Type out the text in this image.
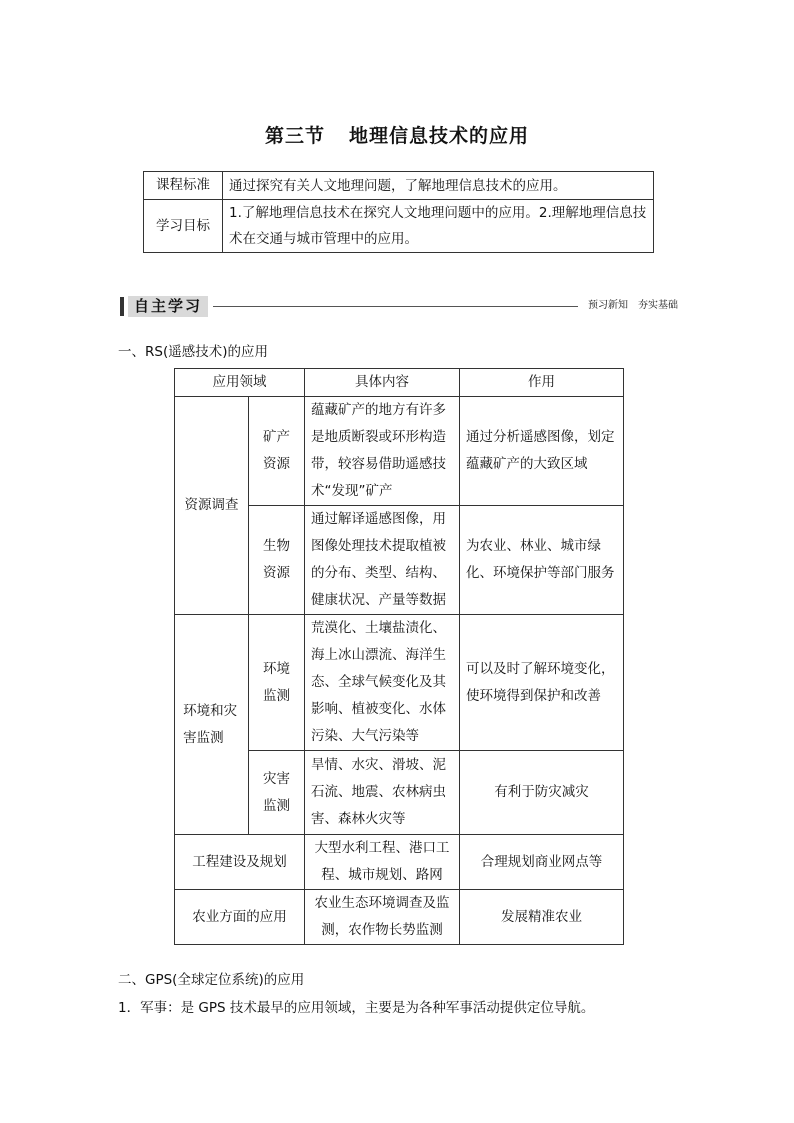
第三节 地理信息技术的应用
课程标准	通过探究有关人文地理问题，了解地理信息技术的应用。
学习目标	1.了解地理信息技术在探究人文地理问题中的应用。2.理解地理信息技术在交通与城市管理中的应用。
自主学习	预习新知　夯实基础
一、RS(遥感技术)的应用
应用领域		具体内容	作用
资源调查	矿产资源	蕴藏矿产的地方有许多是地质断裂或环形构造带，较容易借助遥感技术“发现”矿产	通过分析遥感图像，划定蕴藏矿产的大致区域

	生物资源	通过解译遥感图像，用图像处理技术提取植被的分布、类型、结构、健康状况、产量等数据	为农业、林业、城市绿化、环境保护等部门服务

环境和灾害监测	环境监测	荒漠化、土壤盐渍化、海上冰山漂流、海洋生态、全球气候变化及其影响、植被变化、水体污染、大气污染等	可以及时了解环境变化，使环境得到保护和改善

	灾害监测	旱情、水灾、滑坡、泥石流、地震、农林病虫害、森林火灾等	有利于防灾减灾
工程建设及规划		大型水利工程、港口工程、城市规划、路网	合理规划商业网点等
农业方面的应用		农业生态环境调查及监测，农作物长势监测	发展精准农业
二、GPS(全球定位系统)的应用
1．军事：是 GPS 技术最早的应用领域，主要是为各种军事活动提供定位导航。
